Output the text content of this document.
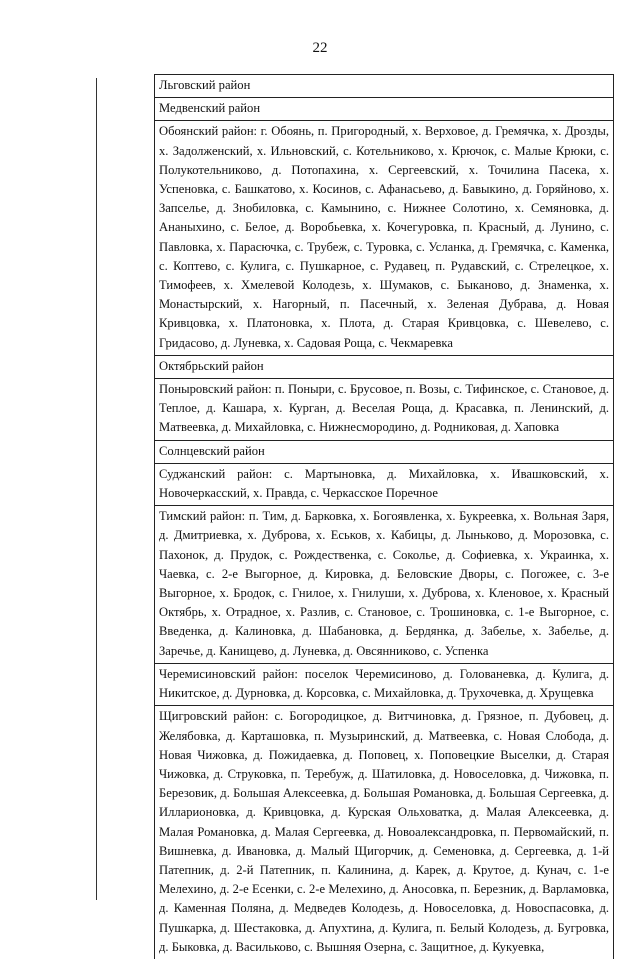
22
Льговский район
Медвенский район
Обоянский район: г. Обоянь, п. Пригородный, х. Верховое, д. Гремячка, х. Дрозды, х. Задолженский, х. Ильновский, с. Котельниково, х. Крючок, с. Малые Крюки, с. Полукотельниково, д. Потопахина, х. Сергеевский, х. Точилина Пасека, х. Успеновка, с. Башкатово, х. Косинов, с. Афанасьево, д. Бавыкино, д. Горяйново, х. Запселье, д. Знобиловка, с. Камынино, с. Нижнее Солотино, х. Семяновка, д. Ананыхино, с. Белое, д. Воробьевка, х. Кочегуровка, п. Красный, д. Лунино, с. Павловка, х. Парасючка, с. Трубеж, с. Туровка, с. Усланка, д. Гремячка, с. Каменка, с. Коптево, с. Кулига, с. Пушкарное, с. Рудавец, п. Рудавский, с. Стрелецкое, х. Тимофеев, х. Хмелевой Колодезь, х. Шумаков, с. Быканово, д. Знаменка, х. Монастырский, х. Нагорный, п. Пасечный, х. Зеленая Дубрава, д. Новая Кривцовка, х. Платоновка, х. Плота, д. Старая Кривцовка, с. Шевелево, с. Гридасово, д. Луневка, х. Садовая Роща, с. Чекмаревка
Октябрьский район
Поныровский район: п. Поныри, с. Брусовое, п. Возы, с. Тифинское, с. Становое, д. Теплое, д. Кашара, х. Курган, д. Веселая Роща, д. Красавка, п. Ленинский, д. Матвеевка, д. Михайловка, с. Нижнесмородино, д. Родниковая, д. Хаповка
Солнцевский район
Суджанский район: с. Мартыновка, д. Михайловка, х. Ивашковский, х. Новочеркасский, х. Правда, с. Черкасское Поречное
Тимский район: п. Тим, д. Барковка, х. Богоявленка, х. Букреевка, х. Вольная Заря, д. Дмитриевка, х. Дуброва, х. Еськов, х. Кабицы, д. Лыньково, д. Морозовка, с. Пахонок, д. Прудок, с. Рождественка, с. Соколье, д. Софиевка, х. Украинка, х. Чаевка, с. 2-е Выгорное, д. Кировка, д. Беловские Дворы, с. Погожее, с. 3-е Выгорное, х. Бродок, с. Гнилое, х. Гнилуши, х. Дуброва, х. Кленовое, х. Красный Октябрь, х. Отрадное, х. Разлив, с. Становое, с. Трошиновка, с. 1-е Выгорное, с. Введенка, д. Калиновка, д. Шабановка, д. Бердянка, д. Забелье, х. Забелье, д. Заречье, д. Канищево, д. Луневка, д. Овсянниково, с. Успенка
Черемисиновский район: поселок Черемисиново, д. Голованевка, д. Кулига, д. Никитское, д. Дурновка, д. Корсовка, с. Михайловка, д. Трухочевка, д. Хрущевка
Щигровский район: с. Богородицкое, д. Витчиновка, д. Грязное, п. Дубовец, д. Желябовка, д. Карташовка, п. Музыринский, д. Матвеевка, с. Новая Слобода, д. Новая Чижовка, д. Пожидаевка, д. Поповец, х. Поповецкие Выселки, д. Старая Чижовка, д. Струковка, п. Теребуж, д. Шатиловка, д. Новоселовка, д. Чижовка, п. Березовик, д. Большая Алексеевка, д. Большая Романовка, д. Большая Сергеевка, д. Илларионовка, д. Кривцовка, д. Курская Ольховатка, д. Малая Алексеевка, д. Малая Романовка, д. Малая Сергеевка, д. Новоалександровка, п. Первомайский, п. Вишневка, д. Ивановка, д. Малый Щигорчик, д. Семеновка, д. Сергеевка, д. 1-й Патепник, д. 2-й Патепник, п. Калинина, д. Карек, д. Крутое, д. Кунач, с. 1-е Мелехино, д. 2-е Есенки, с. 2-е Мелехино, д. Аносовка, п. Березник, д. Варламовка, д. Каменная Поляна, д. Медведев Колодезь, д. Новоселовка, д. Новоспасовка, д. Пушкарка, д. Шестаковка, д. Апухтина, д. Кулига, п. Белый Колодезь, д. Бугровка, д. Быковка, д. Васильково, с. Вышняя Озерна, с. Защитное, д. Кукуевка,
